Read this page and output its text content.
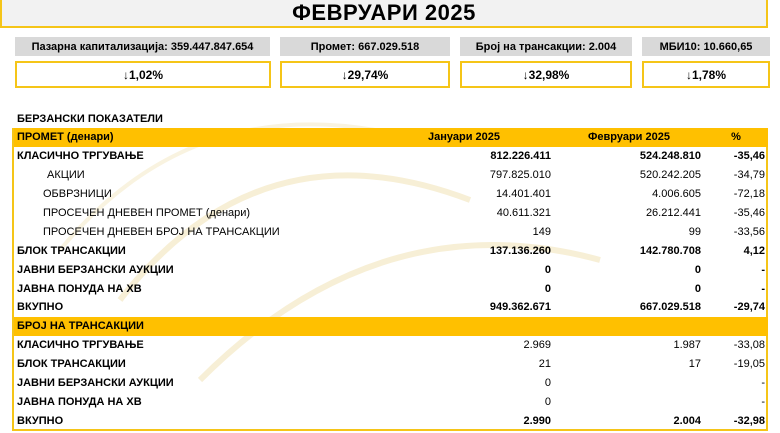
ФЕВРУАРИ 2025
Пазарна капитализација: 359.447.847.654	Промет: 667.029.518	Број на трансакции: 2.004	МБИ10: 10.660,65
↓1,02%	↓29,74%	↓32,98%	↓1,78%
БЕРЗАНСКИ ПОКАЗАТЕЛИ
ПРОМЕТ (денари)	Јануари 2025	Февруари 2025	%
КЛАСИЧНО ТРГУВАЊЕ	812.226.411	524.248.810	-35,46
АКЦИИ	797.825.010	520.242.205	-34,79
ОБВРЗНИЦИ	14.401.401	4.006.605	-72,18
ПРОСЕЧЕН ДНЕВЕН ПРОМЕТ (денари)	40.611.321	26.212.441	-35,46
ПРОСЕЧЕН ДНЕВЕН БРОЈ НА ТРАНСАКЦИИ	149	99	-33,56
БЛОК ТРАНСАКЦИИ	137.136.260	142.780.708	4,12
ЈАВНИ БЕРЗАНСКИ АУКЦИИ	0	0	-
ЈАВНА ПОНУДА НА ХВ	0	0	-
ВКУПНО	949.362.671	667.029.518	-29,74
БРОЈ НА ТРАНСАКЦИИ			
КЛАСИЧНО ТРГУВАЊЕ	2.969	1.987	-33,08
БЛОК ТРАНСАКЦИИ	21	17	-19,05
ЈАВНИ БЕРЗАНСКИ АУКЦИИ	0		-
ЈАВНА ПОНУДА НА ХВ	0		-
ВКУПНО	2.990	2.004	-32,98
